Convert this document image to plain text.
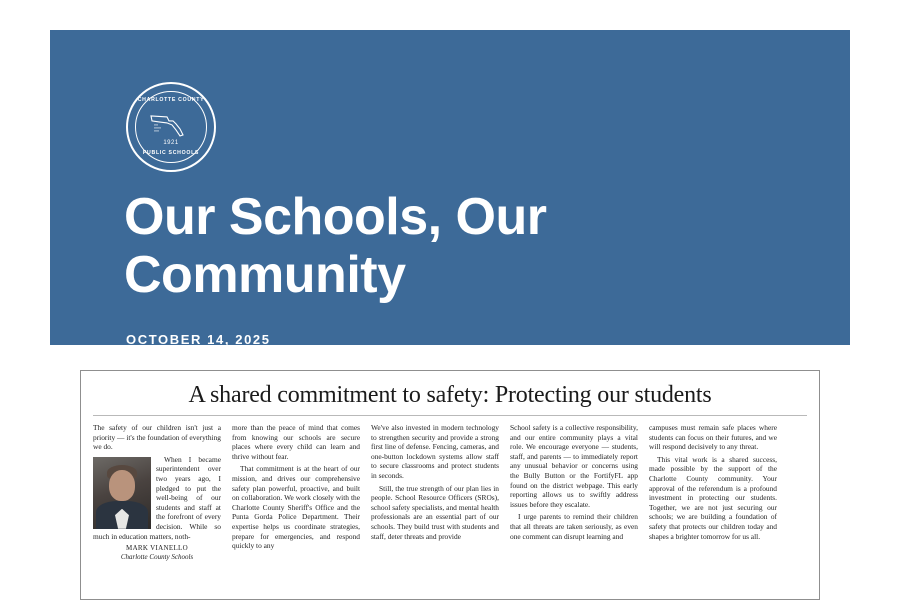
CHARLOTTE COUNTY
1921
PUBLIC SCHOOLS
Our Schools, Our Community
OCTOBER 14, 2025
A shared commitment to safety: Protecting our students

The safety of our children isn't just a priority — it's the foundation of everything we do.

When I became superintendent over two years ago, I pledged to put the well-being of our students and staff at the forefront of every decision. While so much in education matters, noth-

MARK VIANELLO
Charlotte County Schools

more than the peace of mind that comes from knowing our schools are secure places where every child can learn and thrive without fear.

That commitment is at the heart of our mission, and drives our comprehensive safety plan powerful, proactive, and built on collaboration. We work closely with the Charlotte County Sheriff's Office and the Punta Gorda Police Department. Their expertise helps us coordinate strategies, prepare for emergencies, and respond quickly to any

We've also invested in modern technology to strengthen security and provide a strong first line of defense. Fencing, cameras, and one-button lockdown systems allow staff to secure classrooms and protect students in seconds.

Still, the true strength of our plan lies in people. School Resource Officers (SROs), school safety specialists, and mental health professionals are an essential part of our schools. They build trust with students and staff, deter threats and provide

School safety is a collective responsibility, and our entire community plays a vital role. We encourage everyone — students, staff, and parents — to immediately report any unusual behavior or concerns using the Bully Button or the FortifyFL app found on the district webpage. This early reporting allows us to swiftly address issues before they escalate.

I urge parents to remind their children that all threats are taken seriously, as even one comment can disrupt learning and

campuses must remain safe places where students can focus on their futures, and we will respond decisively to any threat.

This vital work is a shared success, made possible by the support of the Charlotte County community. Your approval of the referendum is a profound investment in protecting our students. Together, we are not just securing our schools; we are building a foundation of safety that protects our children today and shapes a brighter tomorrow for us all.
